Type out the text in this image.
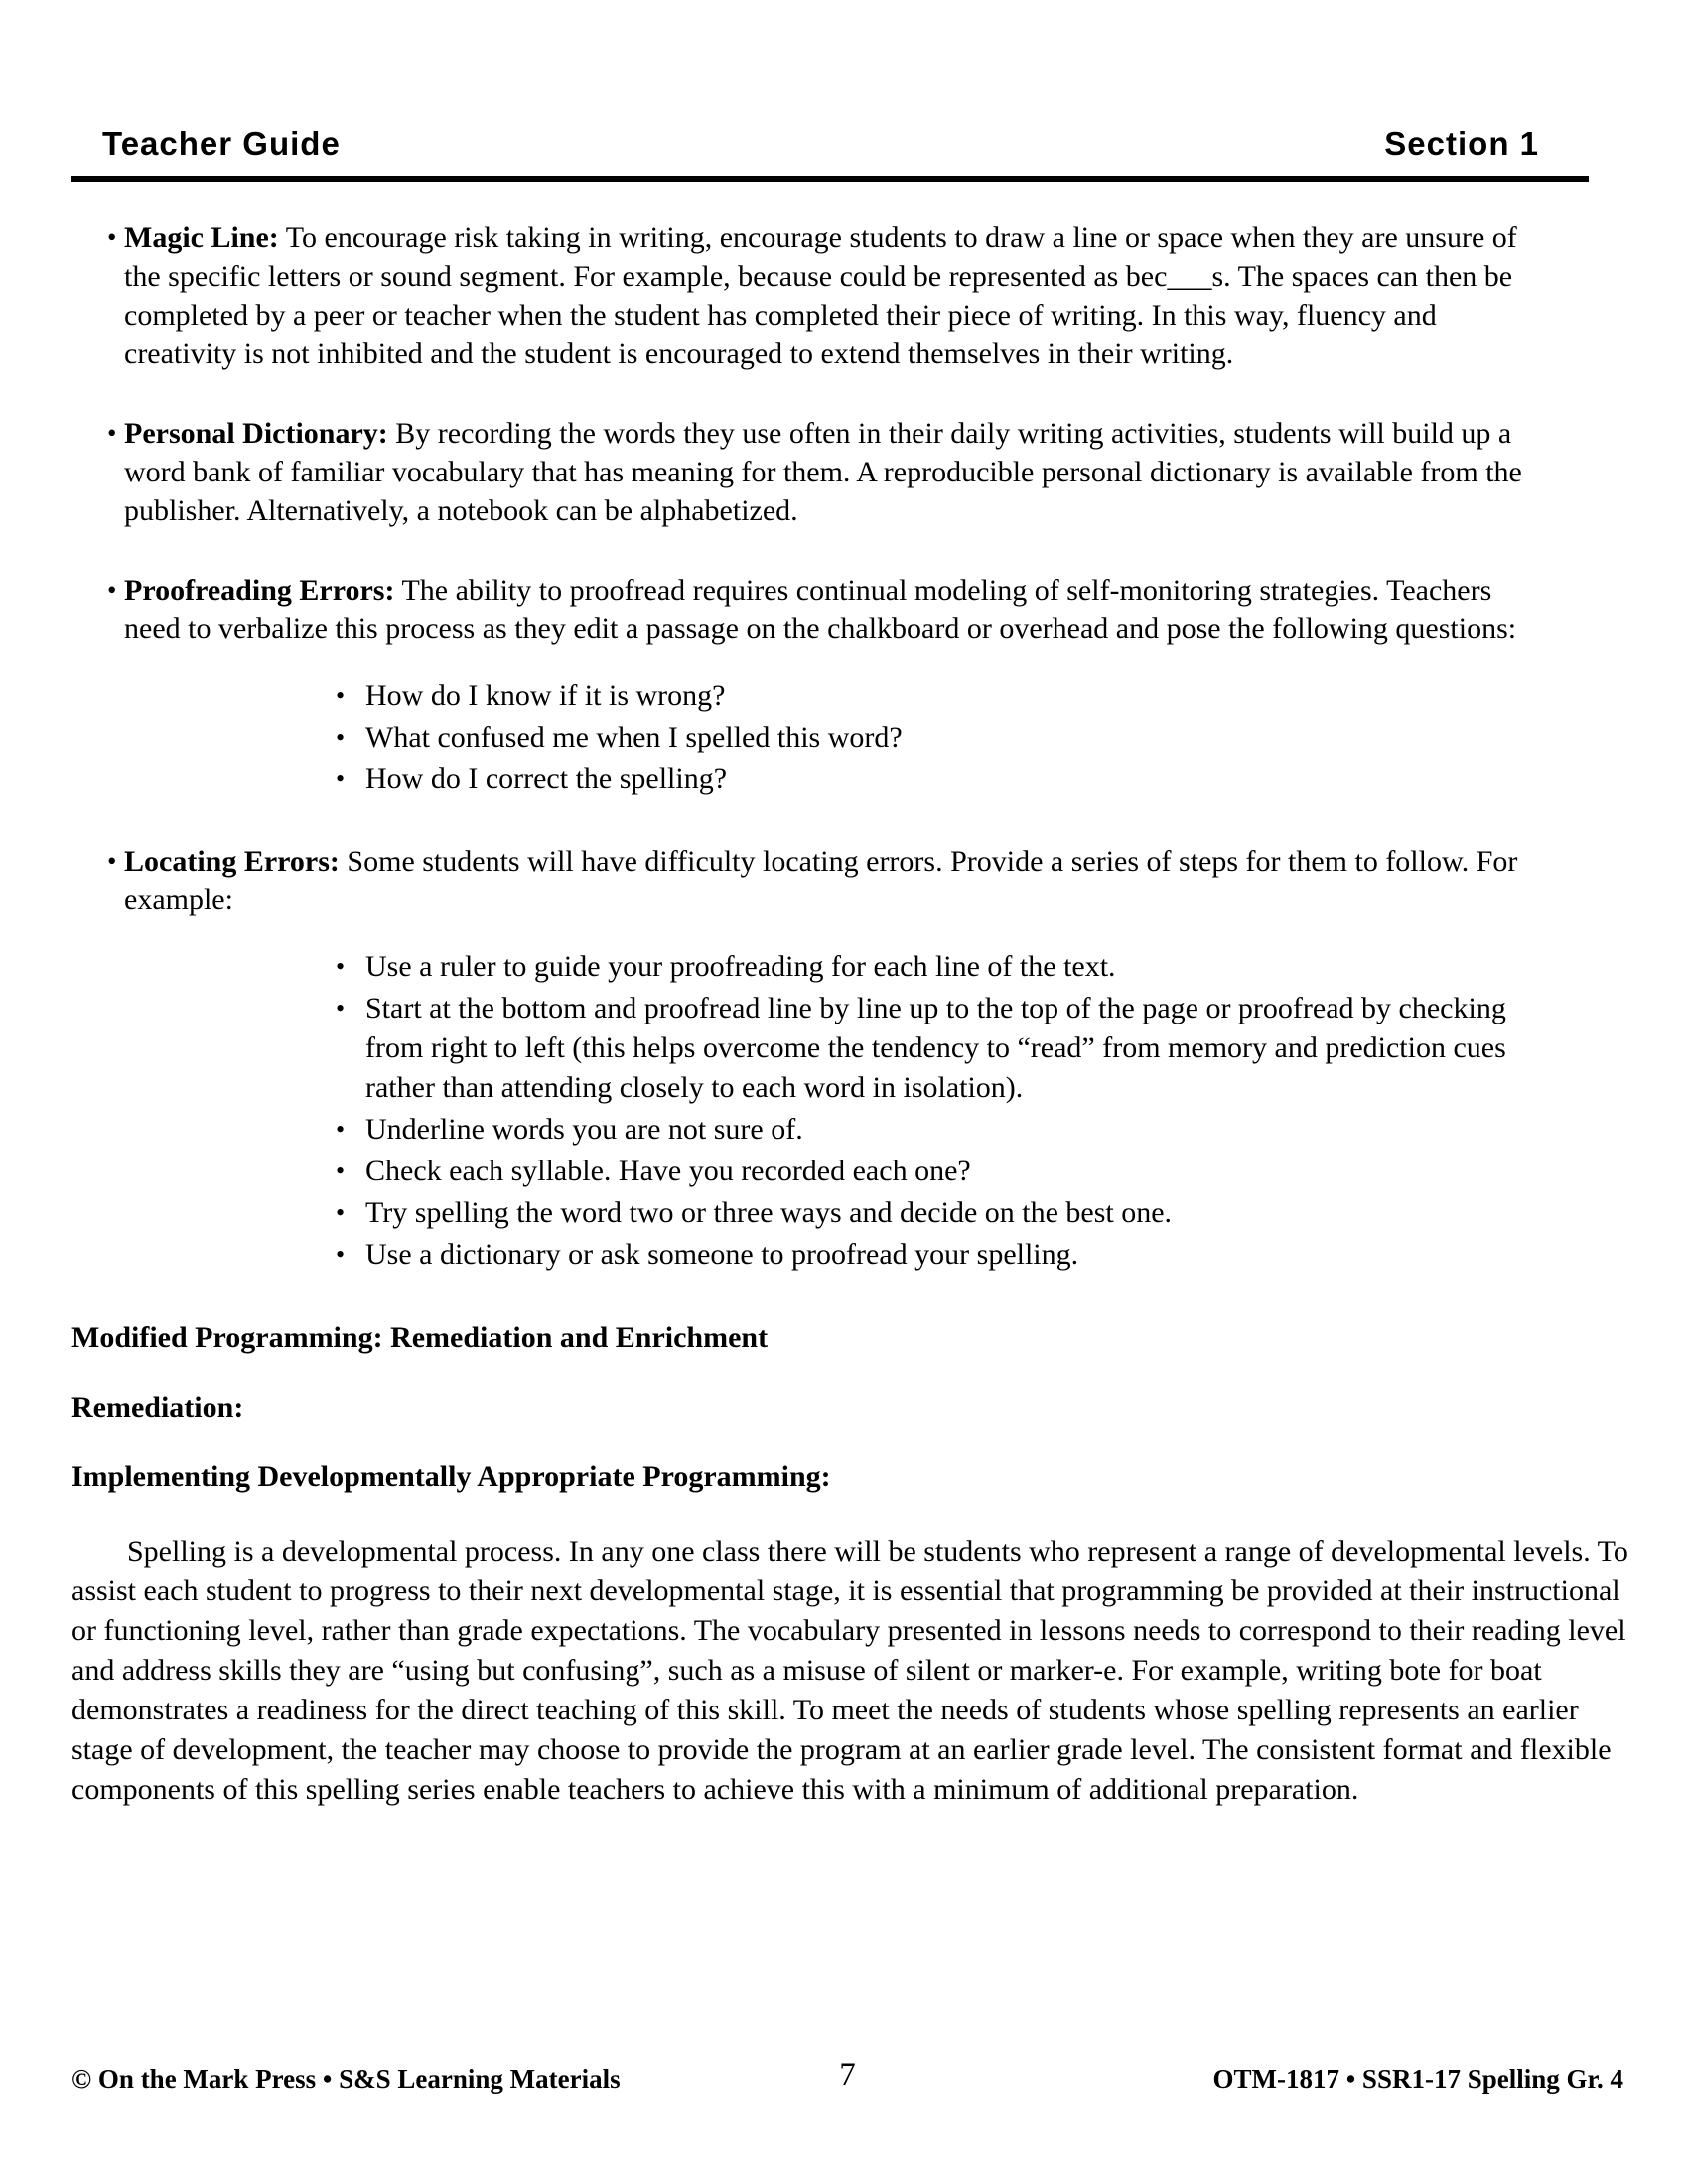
Teacher Guide	Section 1
• Magic Line: To encourage risk taking in writing, encourage students to draw a line or space when they are unsure of the specific letters or sound segment. For example, because could be represented as bec___s. The spaces can then be completed by a peer or teacher when the student has completed their piece of writing. In this way, fluency and creativity is not inhibited and the student is encouraged to extend themselves in their writing.

• Personal Dictionary: By recording the words they use often in their daily writing activities, students will build up a word bank of familiar vocabulary that has meaning for them. A reproducible personal dictionary is available from the publisher. Alternatively, a notebook can be alphabetized.

• Proofreading Errors: The ability to proofread requires continual modeling of self-monitoring strategies. Teachers need to verbalize this process as they edit a passage on the chalkboard or overhead and pose the following questions:

• How do I know if it is wrong?
• What confused me when I spelled this word?
• How do I correct the spelling?
• Locating Errors: Some students will have difficulty locating errors. Provide a series of steps for them to follow. For example:

• Use a ruler to guide your proofreading for each line of the text.
• Start at the bottom and proofread line by line up to the top of the page or proofread by checking from right to left (this helps overcome the tendency to “read” from memory and prediction cues rather than attending closely to each word in isolation).
• Underline words you are not sure of.
• Check each syllable. Have you recorded each one?
• Try spelling the word two or three ways and decide on the best one.
• Use a dictionary or ask someone to proofread your spelling.

Modified Programming: Remediation and Enrichment

Remediation:

Implementing Developmentally Appropriate Programming:

Spelling is a developmental process. In any one class there will be students who represent a range of developmental levels. To assist each student to progress to their next developmental stage, it is essential that programming be provided at their instructional or functioning level, rather than grade expectations. The vocabulary presented in lessons needs to correspond to their reading level and address skills they are “using but confusing”, such as a misuse of silent or marker-e. For example, writing bote for boat demonstrates a readiness for the direct teaching of this skill. To meet the needs of students whose spelling represents an earlier stage of development, the teacher may choose to provide the program at an earlier grade level. The consistent format and flexible components of this spelling series enable teachers to achieve this with a minimum of additional preparation.

© On the Mark Press • S&S Learning Materials	7	OTM-1817 • SSR1-17 Spelling Gr. 4
